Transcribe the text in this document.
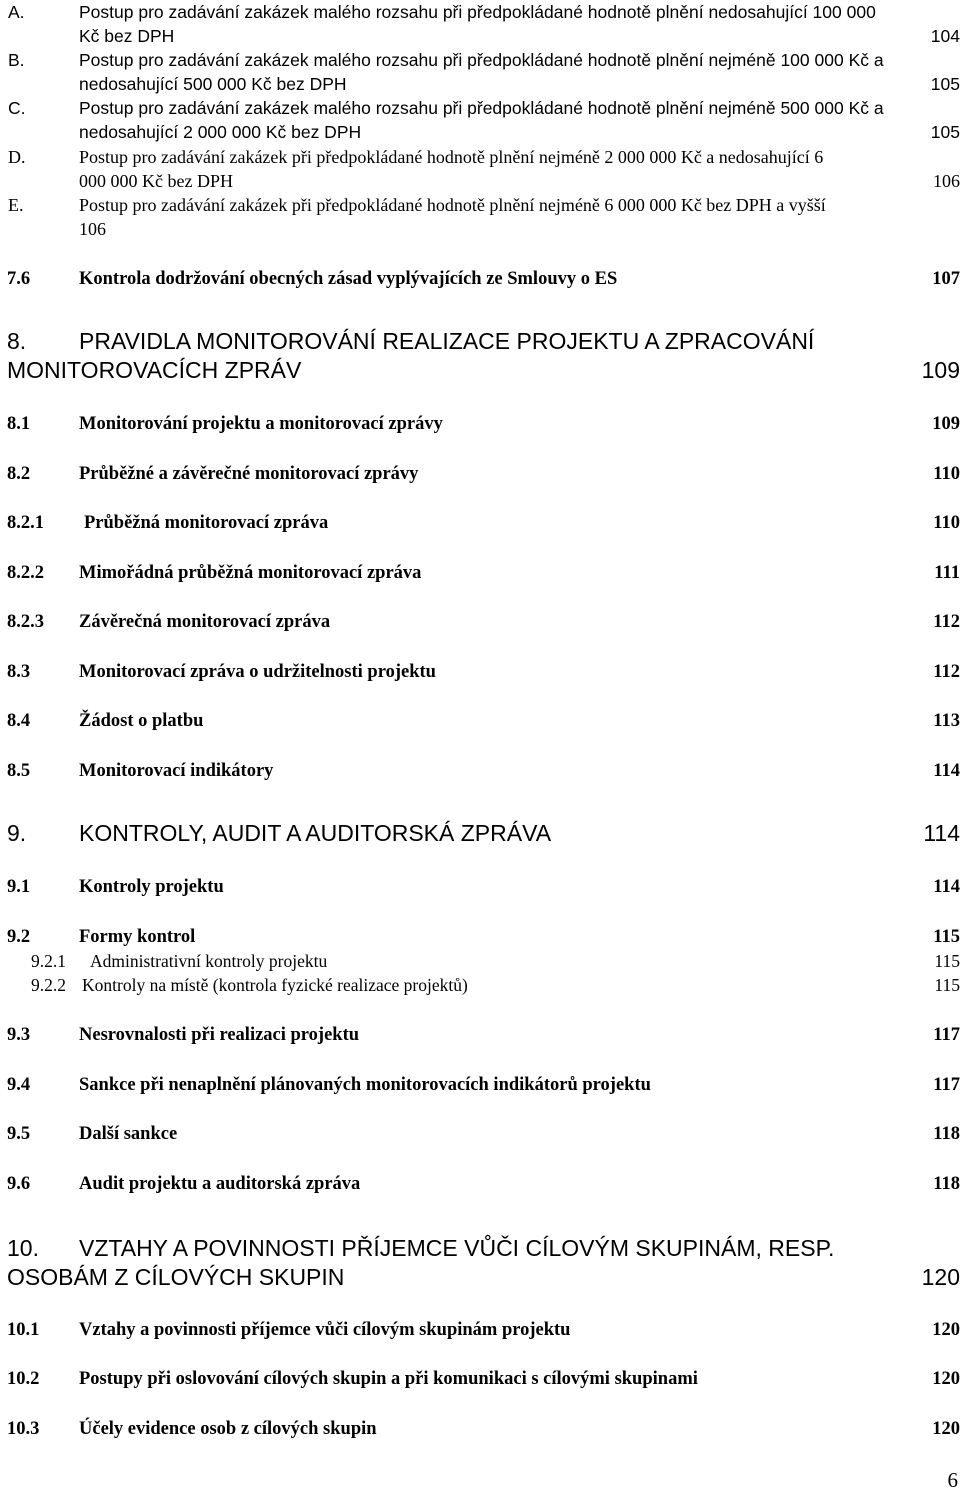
A.	Postup pro zadávání zakázek malého rozsahu při předpokládané hodnotě plnění nedosahující 100 000
Kč bez DPH	104
B.	Postup pro zadávání zakázek malého rozsahu při předpokládané hodnotě plnění nejméně 100 000 Kč a
nedosahující 500 000 Kč bez DPH	105
C.	Postup pro zadávání zakázek malého rozsahu při předpokládané hodnotě plnění nejméně 500 000 Kč a
nedosahující 2 000 000 Kč bez DPH	105
D.	Postup pro zadávání zakázek při předpokládané hodnotě plnění nejméně 2 000 000 Kč a nedosahující 6
000 000 Kč bez DPH	106
E.	Postup pro zadávání zakázek při předpokládané hodnotě plnění nejméně 6 000 000 Kč bez DPH a vyšší
106
7.6	Kontrola dodržování obecných zásad vyplývajících ze Smlouvy o ES	107
8. PRAVIDLA MONITOROVÁNÍ REALIZACE PROJEKTU A ZPRACOVÁNÍ
MONITOROVACÍCH ZPRÁV	109
8.1	Monitorování projektu a monitorovací zprávy	109
8.2	Průběžné a závěrečné monitorovací zprávy	110
8.2.1 Průběžná monitorovací zpráva	110
8.2.2 Mimořádná průběžná monitorovací zpráva	111
8.2.3 Závěrečná monitorovací zpráva	112
8.3	Monitorovací zpráva o udržitelnosti projektu	112
8.4	Žádost o platbu	113
8.5	Monitorovací indikátory	114
9. KONTROLY, AUDIT A AUDITORSKÁ ZPRÁVA	114
9.1	Kontroly projektu	114
9.2	Formy kontrol	115
9.2.1 Administrativní kontroly projektu	115
9.2.2 Kontroly na místě (kontrola fyzické realizace projektů)	115
9.3	Nesrovnalosti při realizaci projektu	117
9.4	Sankce při nenaplnění plánovaných monitorovacích indikátorů projektu	117
9.5	Další sankce	118
9.6	Audit projektu a auditorská zpráva	118
10. VZTAHY A POVINNOSTI PŘÍJEMCE VŮČI CÍLOVÝM SKUPINÁM, RESP.
OSOBÁM Z CÍLOVÝCH SKUPIN	120
10.1 Vztahy a povinnosti příjemce vůči cílovým skupinám projektu	120
10.2 Postupy při oslovování cílových skupin a při komunikaci s cílovými skupinami	120
10.3 Účely evidence osob z cílových skupin	120
6
